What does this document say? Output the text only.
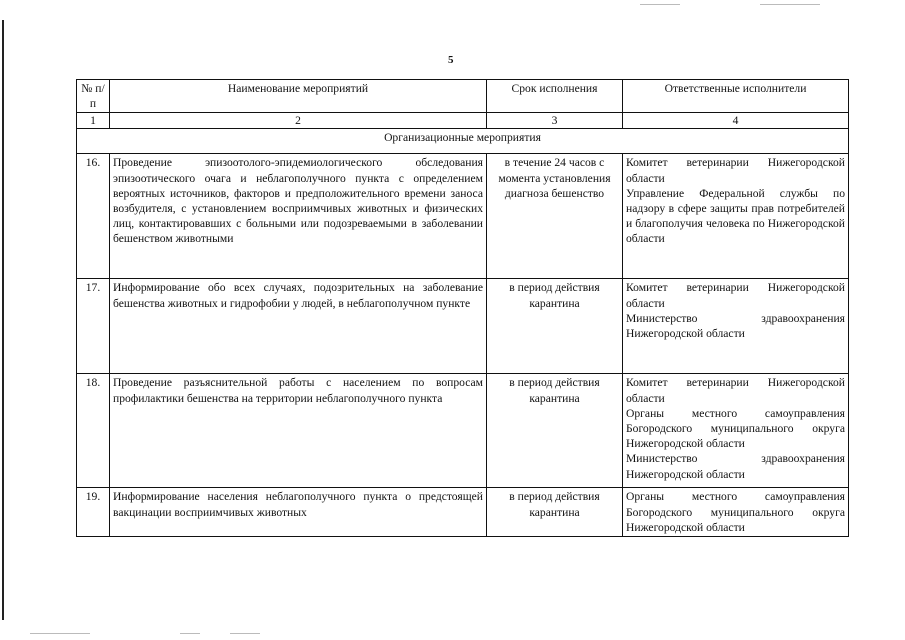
5
№ п/п	Наименование мероприятий	Срок исполнения	Ответственные исполнители
1	2	3	4
Организационные мероприятия			
16.	Проведение эпизоотолого-эпидемиологического обследования эпизоотического очага и неблагополучного пункта с определением вероятных источников, факторов и предположительного времени заноса возбудителя, с установлением восприимчивых животных и физических лиц, контактировавших с больными или подозреваемыми в заболевании бешенством животными	в течение 24 часов с момента установления диагноза бешенство	Комитет ветеринарии Нижегородской области
Управление Федеральной службы по надзору в сфере защиты прав потребителей и благополучия человека по Нижегородской области

17.	Информирование обо всех случаях, подозрительных на заболевание бешенства животных и гидрофобии у людей, в неблагополучном пункте	в период действия карантина	Комитет ветеринарии Нижегородской области
Министерство здравоохранения Нижегородской области

18.	Проведение разъяснительной работы с населением по вопросам профилактики бешенства на территории неблагополучного пункта	в период действия карантина	Комитет ветеринарии Нижегородской области
Органы местного самоуправления Богородского муниципального округа Нижегородской области
Министерство здравоохранения Нижегородской области

19.	Информирование населения неблагополучного пункта о предстоящей вакцинации восприимчивых животных	в период действия карантина	Органы местного самоуправления Богородского муниципального округа Нижегородской области
